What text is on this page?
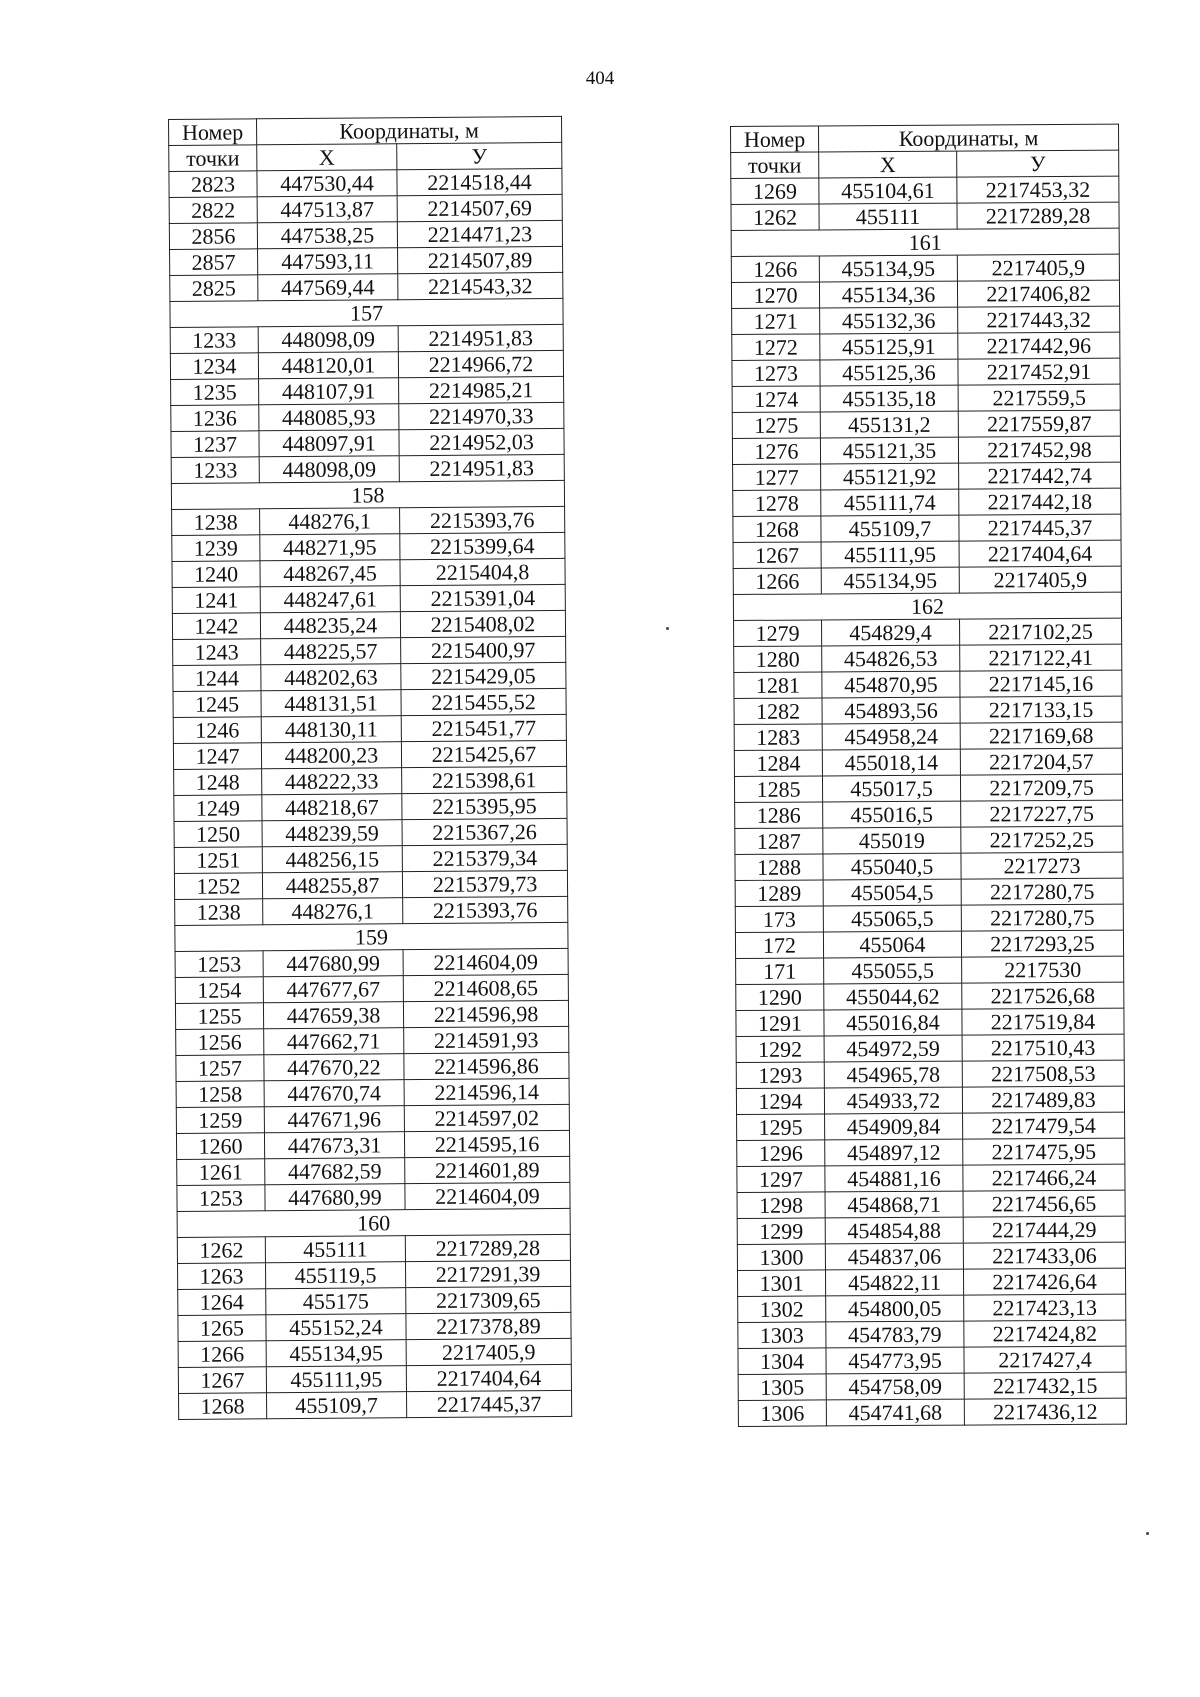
404
Номер	Координаты, м	
точки	Х	У
2823	447530,44	2214518,44
2822	447513,87	2214507,69
2856	447538,25	2214471,23
2857	447593,11	2214507,89
2825	447569,44	2214543,32
157		
1233	448098,09	2214951,83
1234	448120,01	2214966,72
1235	448107,91	2214985,21
1236	448085,93	2214970,33
1237	448097,91	2214952,03
1233	448098,09	2214951,83
158		
1238	448276,1	2215393,76
1239	448271,95	2215399,64
1240	448267,45	2215404,8
1241	448247,61	2215391,04
1242	448235,24	2215408,02
1243	448225,57	2215400,97
1244	448202,63	2215429,05
1245	448131,51	2215455,52
1246	448130,11	2215451,77
1247	448200,23	2215425,67
1248	448222,33	2215398,61
1249	448218,67	2215395,95
1250	448239,59	2215367,26
1251	448256,15	2215379,34
1252	448255,87	2215379,73
1238	448276,1	2215393,76
159		
1253	447680,99	2214604,09
1254	447677,67	2214608,65
1255	447659,38	2214596,98
1256	447662,71	2214591,93
1257	447670,22	2214596,86
1258	447670,74	2214596,14
1259	447671,96	2214597,02
1260	447673,31	2214595,16
1261	447682,59	2214601,89
1253	447680,99	2214604,09
160		
1262	455111	2217289,28
1263	455119,5	2217291,39
1264	455175	2217309,65
1265	455152,24	2217378,89
1266	455134,95	2217405,9
1267	455111,95	2217404,64
1268	455109,7	2217445,37
Номер	Координаты, м	
точки	Х	У
1269	455104,61	2217453,32
1262	455111	2217289,28
161		
1266	455134,95	2217405,9
1270	455134,36	2217406,82
1271	455132,36	2217443,32
1272	455125,91	2217442,96
1273	455125,36	2217452,91
1274	455135,18	2217559,5
1275	455131,2	2217559,87
1276	455121,35	2217452,98
1277	455121,92	2217442,74
1278	455111,74	2217442,18
1268	455109,7	2217445,37
1267	455111,95	2217404,64
1266	455134,95	2217405,9
162		
1279	454829,4	2217102,25
1280	454826,53	2217122,41
1281	454870,95	2217145,16
1282	454893,56	2217133,15
1283	454958,24	2217169,68
1284	455018,14	2217204,57
1285	455017,5	2217209,75
1286	455016,5	2217227,75
1287	455019	2217252,25
1288	455040,5	2217273
1289	455054,5	2217280,75
173	455065,5	2217280,75
172	455064	2217293,25
171	455055,5	2217530
1290	455044,62	2217526,68
1291	455016,84	2217519,84
1292	454972,59	2217510,43
1293	454965,78	2217508,53
1294	454933,72	2217489,83
1295	454909,84	2217479,54
1296	454897,12	2217475,95
1297	454881,16	2217466,24
1298	454868,71	2217456,65
1299	454854,88	2217444,29
1300	454837,06	2217433,06
1301	454822,11	2217426,64
1302	454800,05	2217423,13
1303	454783,79	2217424,82
1304	454773,95	2217427,4
1305	454758,09	2217432,15
1306	454741,68	2217436,12
